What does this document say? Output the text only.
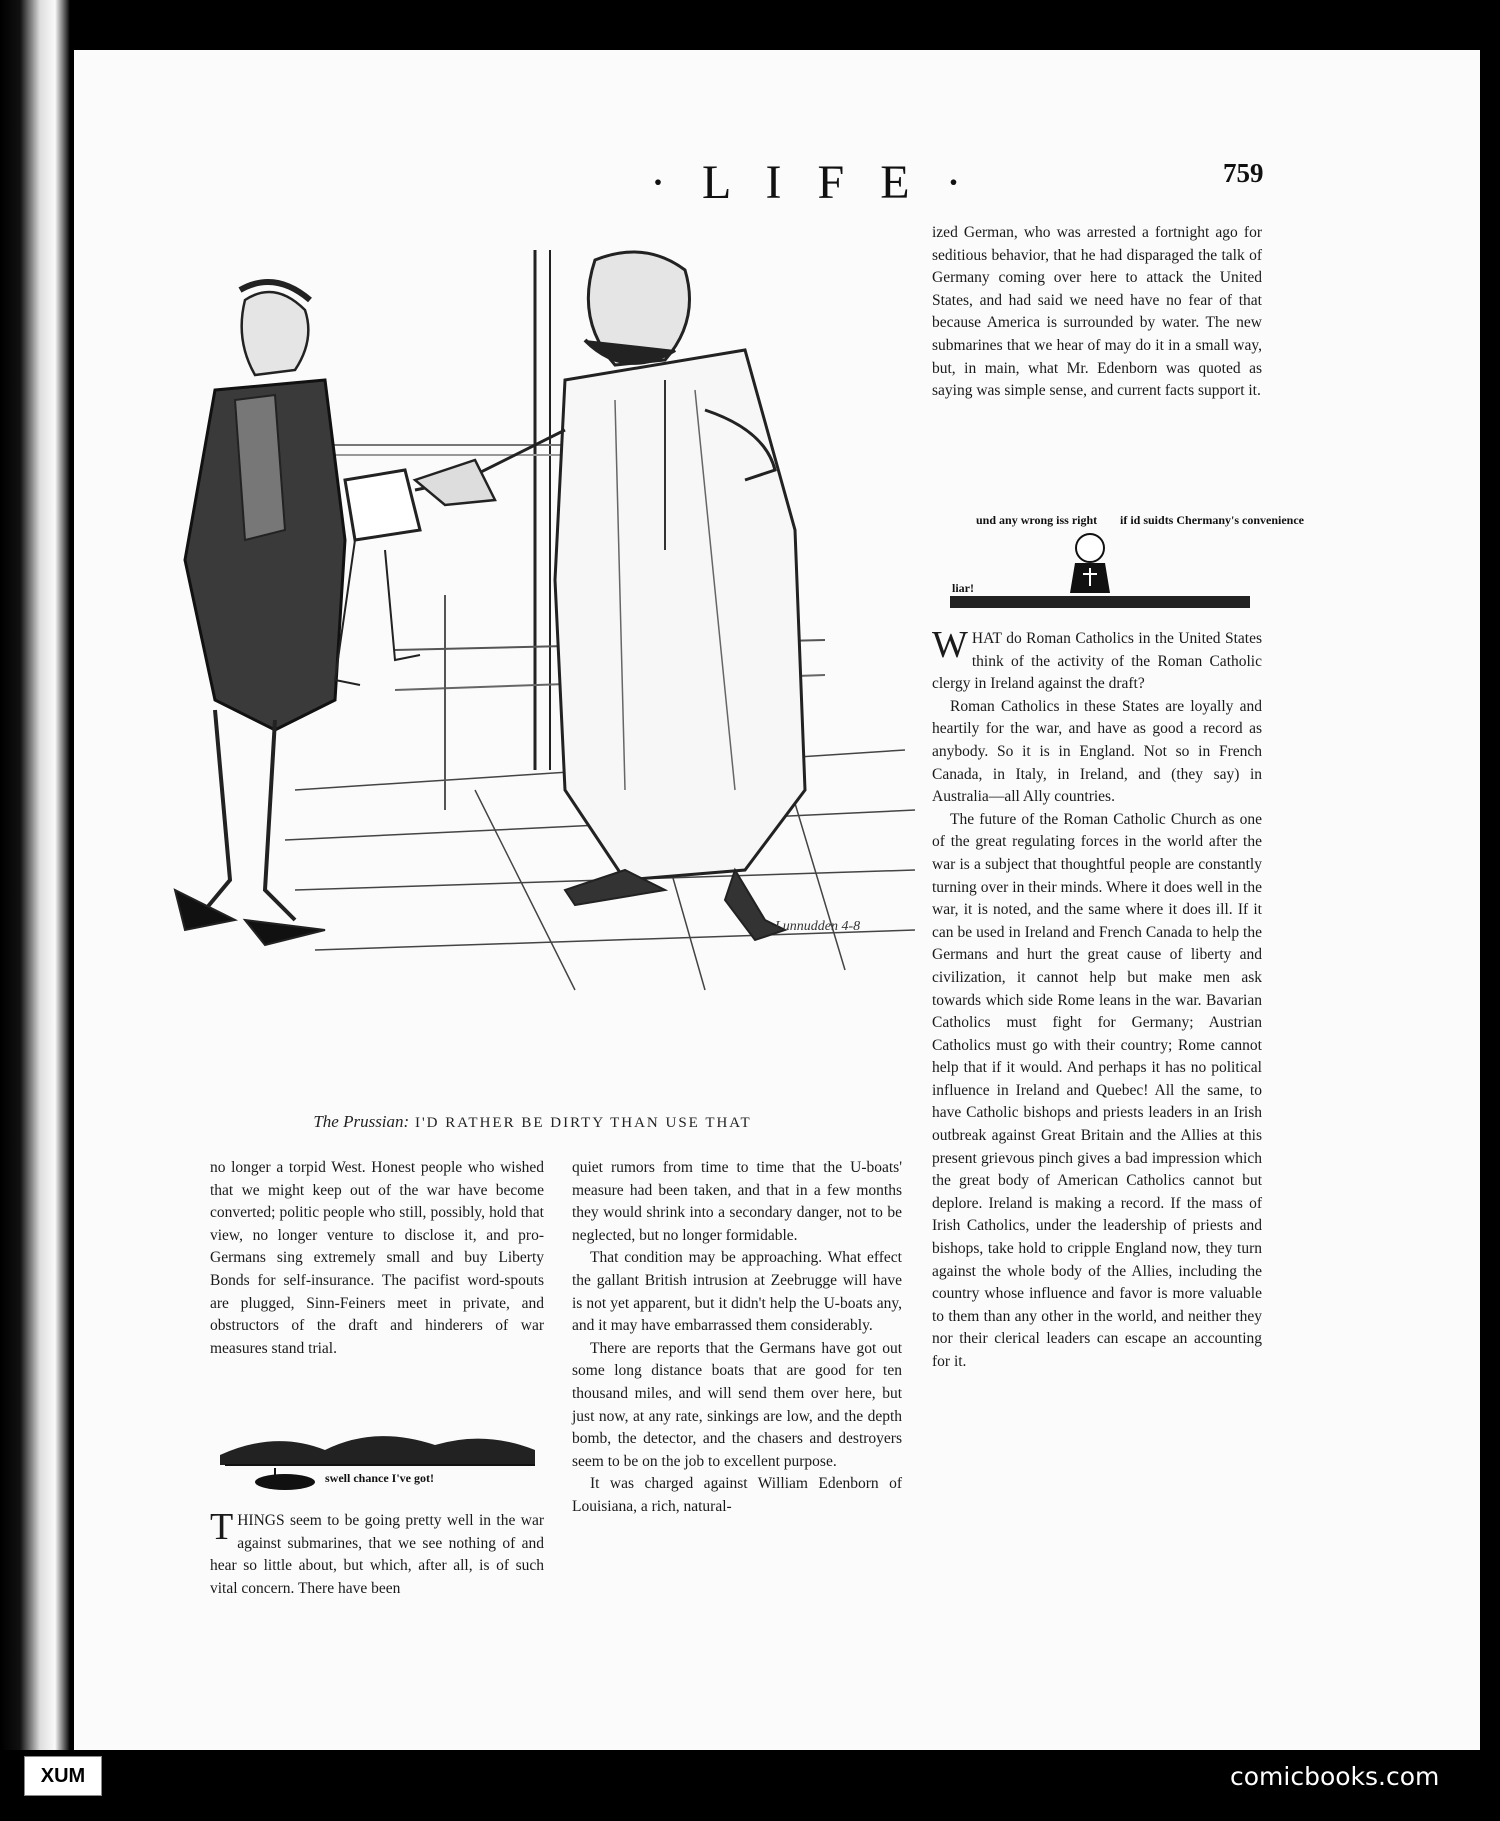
· L I F E ·	759
Lunnudden 4-8
The Prussian: I'D RATHER BE DIRTY THAN USE THAT

no longer a torpid West. Honest people who wished that we might keep out of the war have become converted; politic people who still, possibly, hold that view, no longer venture to disclose it, and pro-Germans sing extremely small and buy Liberty Bonds for self-insurance. The pacifist word-spouts are plugged, Sinn-Feiners meet in private, and obstructors of the draft and hinderers of war measures stand trial.

swell chance I've got!

THINGS seem to be going pretty well in the war against submarines, that we see nothing of and hear so little about, but which, after all, is of such vital concern. There have been

quiet rumors from time to time that the U-boats' measure had been taken, and that in a few months they would shrink into a secondary danger, not to be neglected, but no longer formidable.

That condition may be approaching. What effect the gallant British intrusion at Zeebrugge will have is not yet apparent, but it didn't help the U-boats any, and it may have embarrassed them considerably.

There are reports that the Germans have got out some long distance boats that are good for ten thousand miles, and will send them over here, but just now, at any rate, sinkings are low, and the depth bomb, the detector, and the chasers and destroyers seem to be on the job to excellent purpose.

It was charged against William Edenborn of Louisiana, a rich, natural-

ized German, who was arrested a fortnight ago for seditious behavior, that he had disparaged the talk of Germany coming over here to attack the United States, and had said we need have no fear of that because America is surrounded by water. The new submarines that we hear of may do it in a small way, but, in main, what Mr. Edenborn was quoted as saying was simple sense, and current facts support it.

und any wrong iss right if id suidts Chermany's convenience
liar!

WHAT do Roman Catholics in the United States think of the activity of the Roman Catholic clergy in Ireland against the draft?

Roman Catholics in these States are loyally and heartily for the war, and have as good a record as anybody. So it is in England. Not so in French Canada, in Italy, in Ireland, and (they say) in Australia—all Ally countries.

The future of the Roman Catholic Church as one of the great regulating forces in the world after the war is a subject that thoughtful people are constantly turning over in their minds. Where it does well in the war, it is noted, and the same where it does ill. If it can be used in Ireland and French Canada to help the Germans and hurt the great cause of liberty and civilization, it cannot help but make men ask towards which side Rome leans in the war. Bavarian Catholics must fight for Germany; Austrian Catholics must go with their country; Rome cannot help that if it would. And perhaps it has no political influence in Ireland and Quebec! All the same, to have Catholic bishops and priests leaders in an Irish outbreak against Great Britain and the Allies at this present grievous pinch gives a bad impression which the great body of American Catholics cannot but deplore. Ireland is making a record. If the mass of Irish Catholics, under the leadership of priests and bishops, take hold to cripple England now, they turn against the whole body of the Allies, including the country whose influence and favor is more valuable to them than any other in the world, and neither they nor their clerical leaders can escape an accounting for it.

XUM	comicbooks.com
